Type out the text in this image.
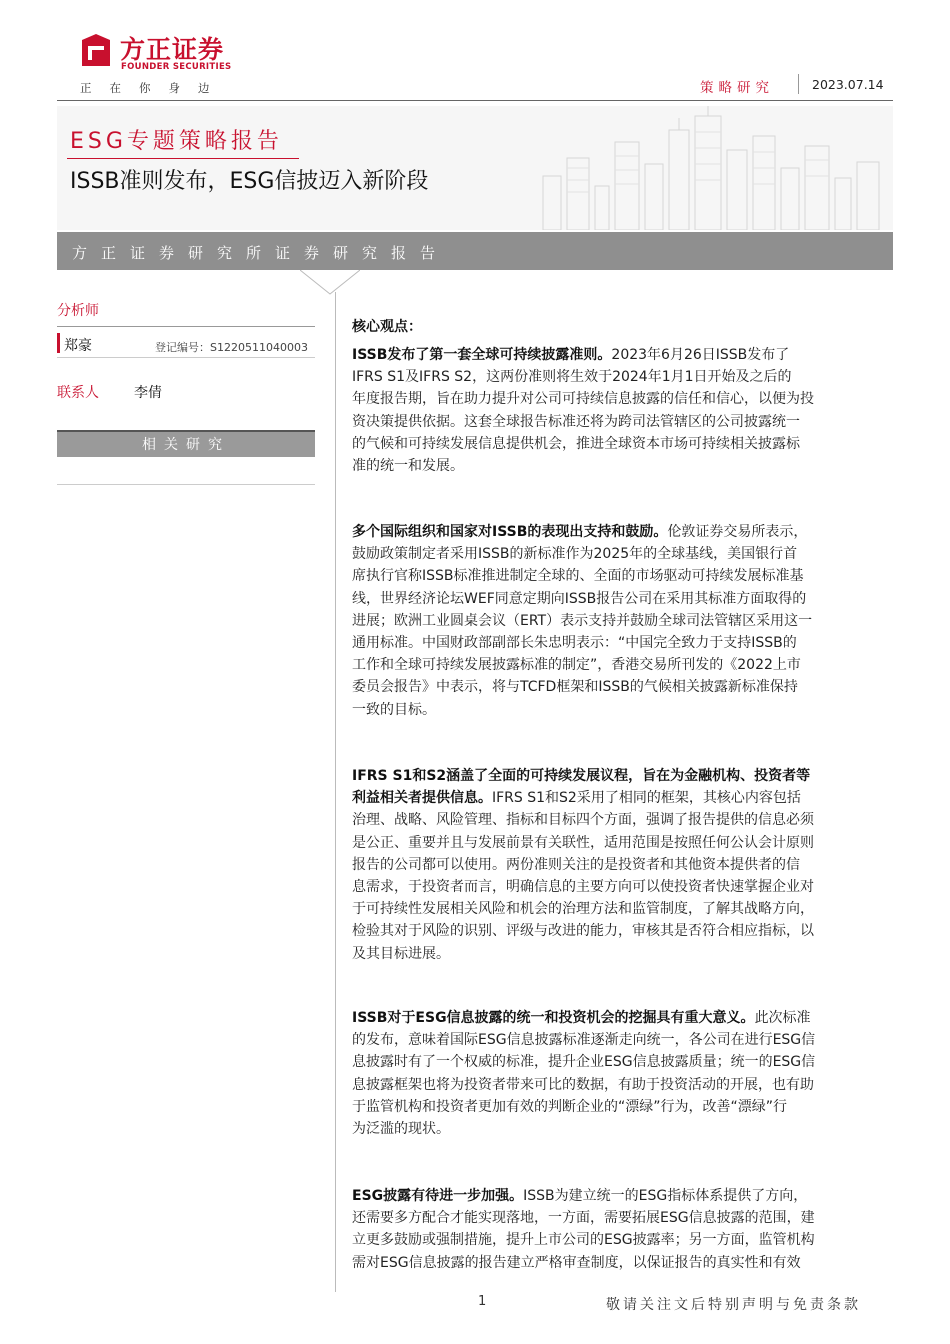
方正证券
FOUNDER SECURITIES
正在你身边	策略研究	2023.07.14
ESG专题策略报告
ISSB准则发布，ESG信披迈入新阶段
方正证券研究所证券研究报告
分析师
郑豪	登记编号：S1220511040003
联系人	李倩
相关研究
核心观点：
ISSB发布了第一套全球可持续披露准则。2023年6月26日ISSB发布了
IFRS S1及IFRS S2，这两份准则将生效于2024年1月1日开始及之后的
年度报告期，旨在助力提升对公司可持续信息披露的信任和信心，以便为投
资决策提供依据。这套全球报告标准还将为跨司法管辖区的公司披露统一
的气候和可持续发展信息提供机会，推进全球资本市场可持续相关披露标
准的统一和发展。
多个国际组织和国家对ISSB的表现出支持和鼓励。伦敦证券交易所表示，
鼓励政策制定者采用ISSB的新标准作为2025年的全球基线，美国银行首
席执行官称ISSB标准推进制定全球的、全面的市场驱动可持续发展标准基
线，世界经济论坛WEF同意定期向ISSB报告公司在采用其标准方面取得的
进展；欧洲工业圆桌会议（ERT）表示支持并鼓励全球司法管辖区采用这一
通用标准。中国财政部副部长朱忠明表示：“中国完全致力于支持ISSB的
工作和全球可持续发展披露标准的制定”，香港交易所刊发的《2022上市
委员会报告》中表示，将与TCFD框架和ISSB的气候相关披露新标准保持
一致的目标。
IFRS S1和S2涵盖了全面的可持续发展议程，旨在为金融机构、投资者等
利益相关者提供信息。IFRS S1和S2采用了相同的框架，其核心内容包括
治理、战略、风险管理、指标和目标四个方面，强调了报告提供的信息必须
是公正、重要并且与发展前景有关联性，适用范围是按照任何公认会计原则
报告的公司都可以使用。两份准则关注的是投资者和其他资本提供者的信
息需求，于投资者而言，明确信息的主要方向可以使投资者快速掌握企业对
于可持续性发展相关风险和机会的治理方法和监管制度，了解其战略方向，
检验其对于风险的识别、评级与改进的能力，审核其是否符合相应指标，以
及其目标进展。
ISSB对于ESG信息披露的统一和投资机会的挖掘具有重大意义。此次标准
的发布，意味着国际ESG信息披露标准逐渐走向统一，各公司在进行ESG信
息披露时有了一个权威的标准，提升企业ESG信息披露质量；统一的ESG信
息披露框架也将为投资者带来可比的数据，有助于投资活动的开展，也有助
于监管机构和投资者更加有效的判断企业的“漂绿”行为，改善“漂绿”行
为泛滥的现状。
ESG披露有待进一步加强。ISSB为建立统一的ESG指标体系提供了方向，
还需要多方配合才能实现落地，一方面，需要拓展ESG信息披露的范围，建
立更多鼓励或强制措施，提升上市公司的ESG披露率；另一方面，监管机构
需对ESG信息披露的报告建立严格审查制度，以保证报告的真实性和有效
1	敬请关注文后特别声明与免责条款
